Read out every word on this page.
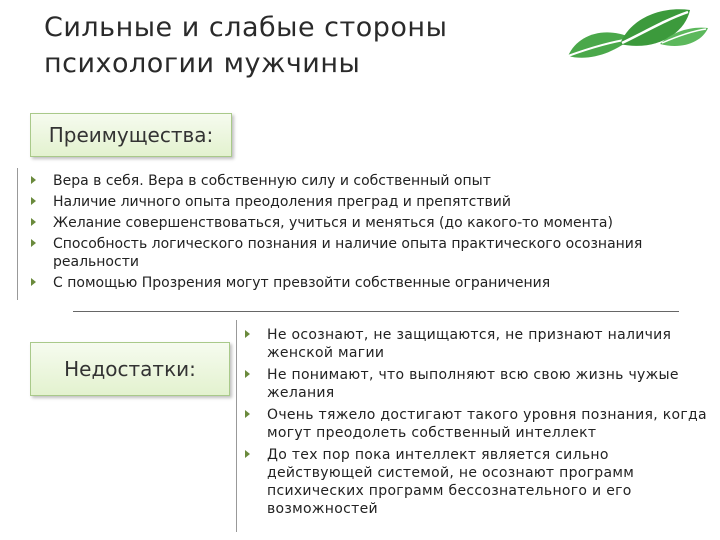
Сильные и слабые стороны
психологии мужчины
Преимущества:
Вера в себя. Вера в собственную силу и собственный опыт
Наличие личного опыта преодоления преград и препятствий
Желание совершенствоваться, учиться и меняться (до какого-то момента)
Способность логического познания и наличие опыта практического осознания реальности
С помощью Прозрения могут превзойти собственные ограничения
Недостатки:
Не осознают, не защищаются, не признают наличия женской магии
Не понимают, что выполняют всю свою жизнь чужые желания
Очень тяжело достигают такого уровня познания, когда могут преодолеть собственный интеллект
До тех пор пока интеллект является сильно действующей системой, не осознают программ психических программ бессознательного и его возможностей
